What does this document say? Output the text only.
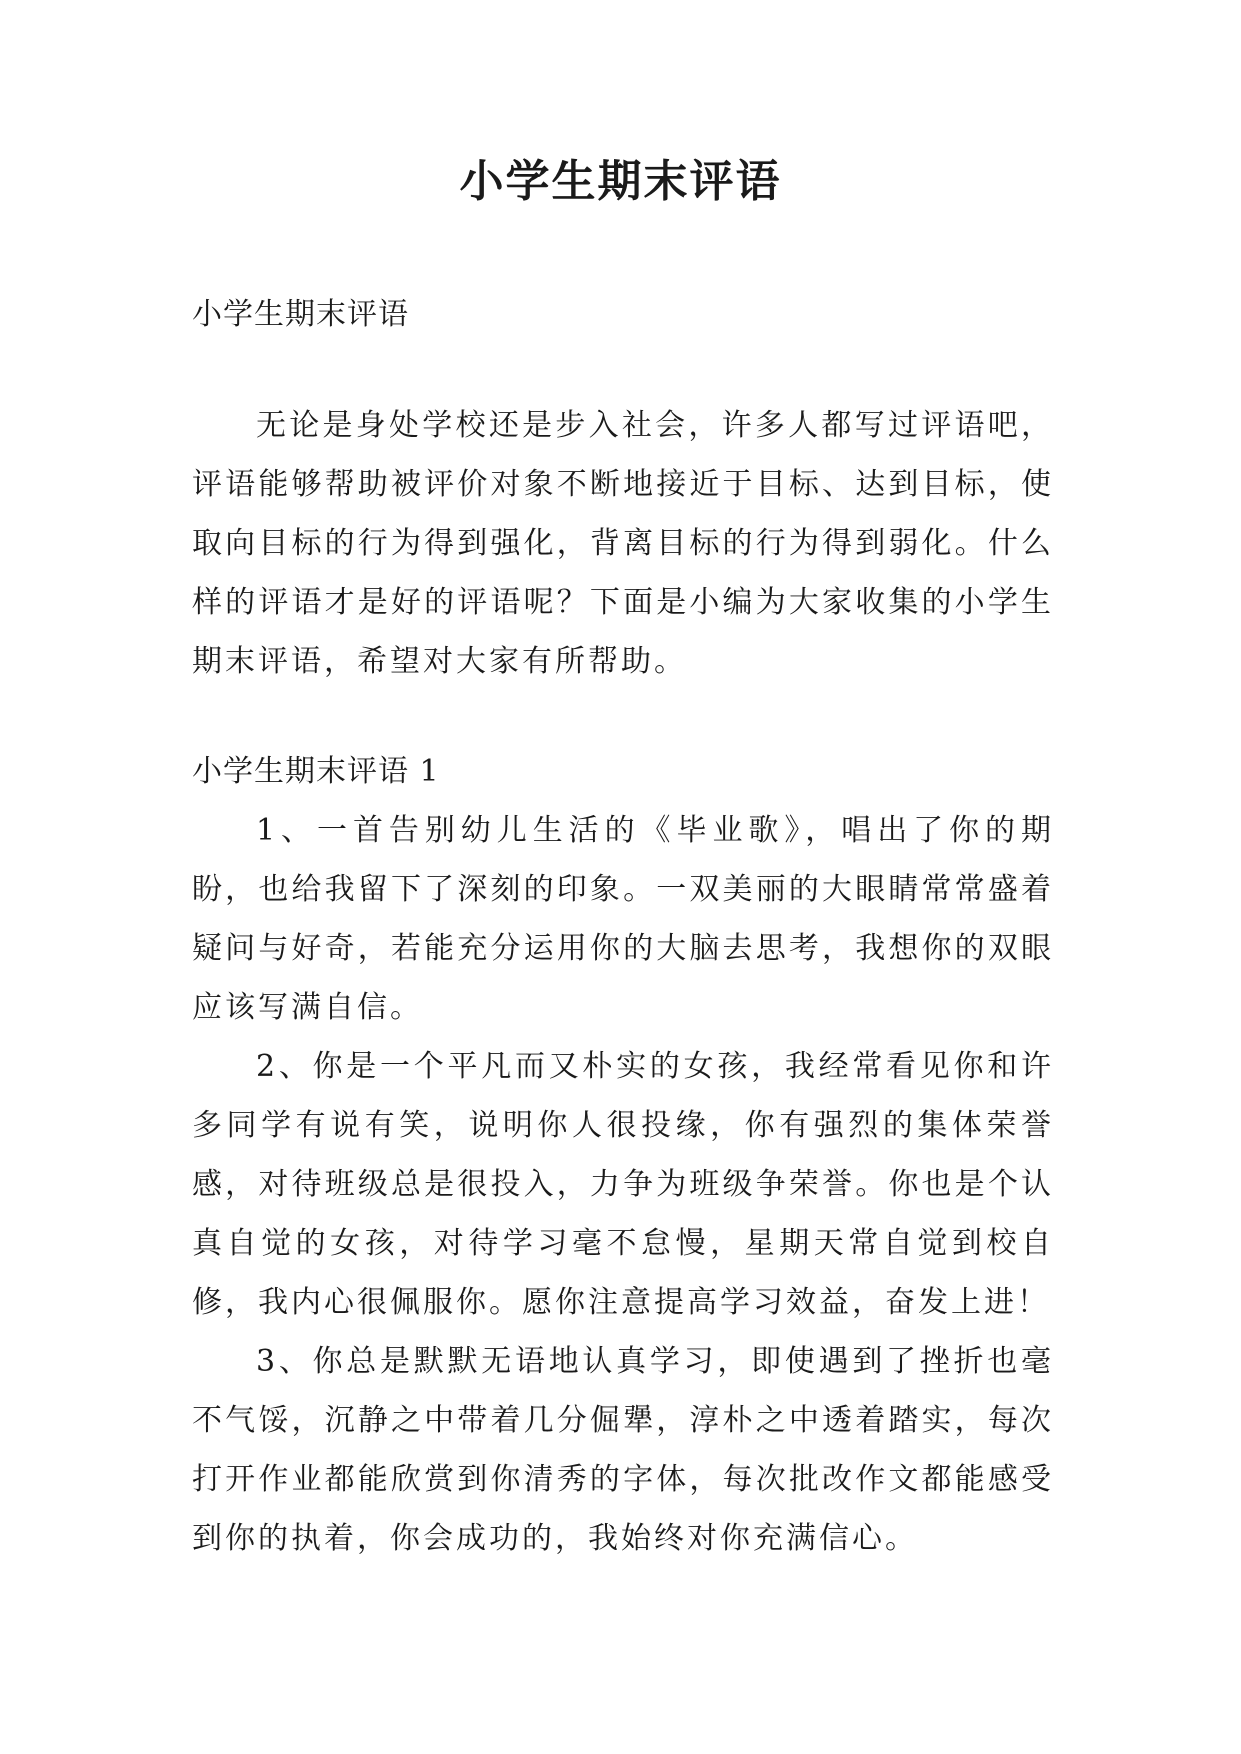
小学生期末评语

小学生期末评语

无论是身处学校还是步入社会，许多人都写过评语吧，评语能够帮助被评价对象不断地接近于目标、达到目标，使取向目标的行为得到强化，背离目标的行为得到弱化。什么样的评语才是好的评语呢？下面是小编为大家收集的小学生期末评语，希望对大家有所帮助。

小学生期末评语 1

1、一首告别幼儿生活的《毕业歌》，唱出了你的期盼，也给我留下了深刻的印象。一双美丽的大眼睛常常盛着疑问与好奇，若能充分运用你的大脑去思考，我想你的双眼应该写满自信。

2、你是一个平凡而又朴实的女孩，我经常看见你和许多同学有说有笑，说明你人很投缘，你有强烈的集体荣誉感，对待班级总是很投入，力争为班级争荣誉。你也是个认真自觉的女孩，对待学习毫不怠慢，星期天常自觉到校自修，我内心很佩服你。愿你注意提高学习效益，奋发上进！

3、你总是默默无语地认真学习，即使遇到了挫折也毫不气馁，沉静之中带着几分倔犟，淳朴之中透着踏实，每次打开作业都能欣赏到你清秀的字体，每次批改作文都能感受到你的执着，你会成功的，我始终对你充满信心。
